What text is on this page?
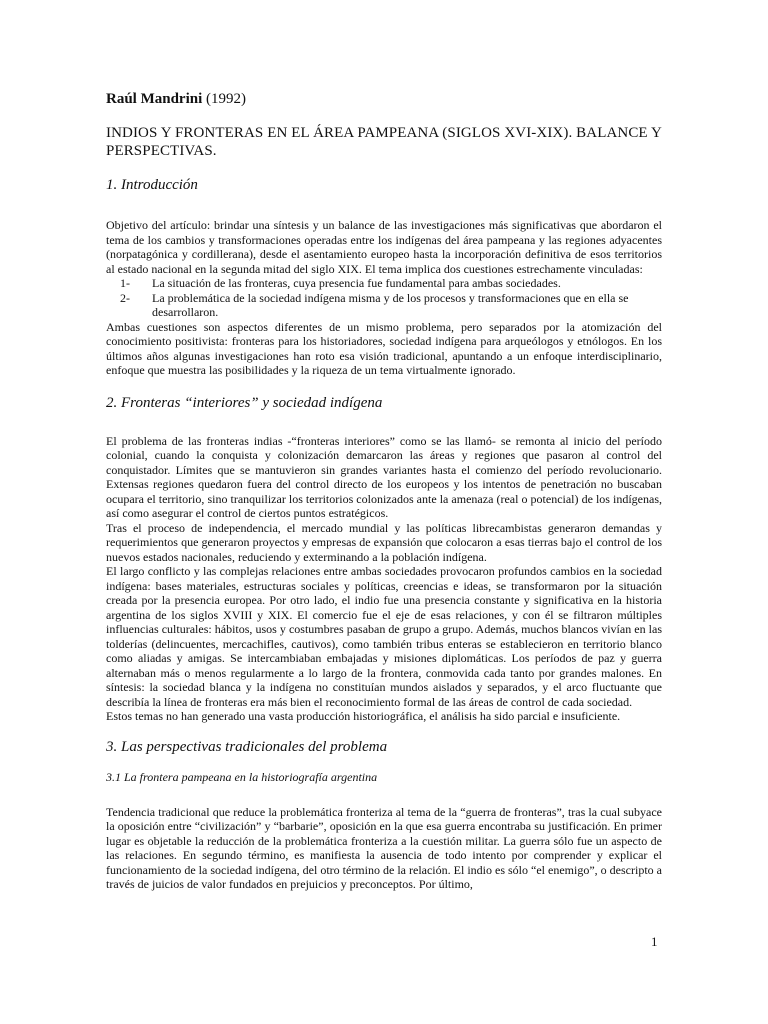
Raúl Mandrini (1992)

INDIOS Y FRONTERAS EN EL ÁREA PAMPEANA (SIGLOS XVI-XIX). BALANCE Y PERSPECTIVAS.

1. Introducción

Objetivo del artículo: brindar una síntesis y un balance de las investigaciones más significativas que abordaron el tema de los cambios y transformaciones operadas entre los indígenas del área pampeana y las regiones adyacentes (norpatagónica y cordillerana), desde el asentamiento europeo hasta la incorporación definitiva de esos territorios al estado nacional en la segunda mitad del siglo XIX. El tema implica dos cuestiones estrechamente vinculadas:

1- La situación de las fronteras, cuya presencia fue fundamental para ambas sociedades.
2- La problemática de la sociedad indígena misma y de los procesos y transformaciones que en ella se desarrollaron.

Ambas cuestiones son aspectos diferentes de un mismo problema, pero separados por la atomización del conocimiento positivista: fronteras para los historiadores, sociedad indígena para arqueólogos y etnólogos. En los últimos años algunas investigaciones han roto esa visión tradicional, apuntando a un enfoque interdisciplinario, enfoque que muestra las posibilidades y la riqueza de un tema virtualmente ignorado.

2. Fronteras “interiores” y sociedad indígena

El problema de las fronteras indias -“fronteras interiores” como se las llamó- se remonta al inicio del período colonial, cuando la conquista y colonización demarcaron las áreas y regiones que pasaron al control del conquistador. Límites que se mantuvieron sin grandes variantes hasta el comienzo del período revolucionario. Extensas regiones quedaron fuera del control directo de los europeos y los intentos de penetración no buscaban ocupara el territorio, sino tranquilizar los territorios colonizados ante la amenaza (real o potencial) de los indígenas, así como asegurar el control de ciertos puntos estratégicos.

Tras el proceso de independencia, el mercado mundial y las políticas librecambistas generaron demandas y requerimientos que generaron proyectos y empresas de expansión que colocaron a esas tierras bajo el control de los nuevos estados nacionales, reduciendo y exterminando a la población indígena.

El largo conflicto y las complejas relaciones entre ambas sociedades provocaron profundos cambios en la sociedad indígena: bases materiales, estructuras sociales y políticas, creencias e ideas, se transformaron por la situación creada por la presencia europea. Por otro lado, el indio fue una presencia constante y significativa en la historia argentina de los siglos XVIII y XIX. El comercio fue el eje de esas relaciones, y con él se filtraron múltiples influencias culturales: hábitos, usos y costumbres pasaban de grupo a grupo. Además, muchos blancos vivían en las tolderías (delincuentes, mercachifles, cautivos), como también tribus enteras se establecieron en territorio blanco como aliadas y amigas. Se intercambiaban embajadas y misiones diplomáticas. Los períodos de paz y guerra alternaban más o menos regularmente a lo largo de la frontera, conmovida cada tanto por grandes malones. En síntesis: la sociedad blanca y la indígena no constituían mundos aislados y separados, y el arco fluctuante que describía la línea de fronteras era más bien el reconocimiento formal de las áreas de control de cada sociedad.

Estos temas no han generado una vasta producción historiográfica, el análisis ha sido parcial e insuficiente.

3. Las perspectivas tradicionales del problema

3.1 La frontera pampeana en la historiografía argentina

Tendencia tradicional que reduce la problemática fronteriza al tema de la “guerra de fronteras”, tras la cual subyace la oposición entre “civilización” y “barbarie”, oposición en la que esa guerra encontraba su justificación. En primer lugar es objetable la reducción de la problemática fronteriza a la cuestión militar. La guerra sólo fue un aspecto de las relaciones. En segundo término, es manifiesta la ausencia de todo intento por comprender y explicar el funcionamiento de la sociedad indígena, del otro término de la relación. El indio es sólo “el enemigo”, o descripto a través de juicios de valor fundados en prejuicios y preconceptos. Por último,

1
